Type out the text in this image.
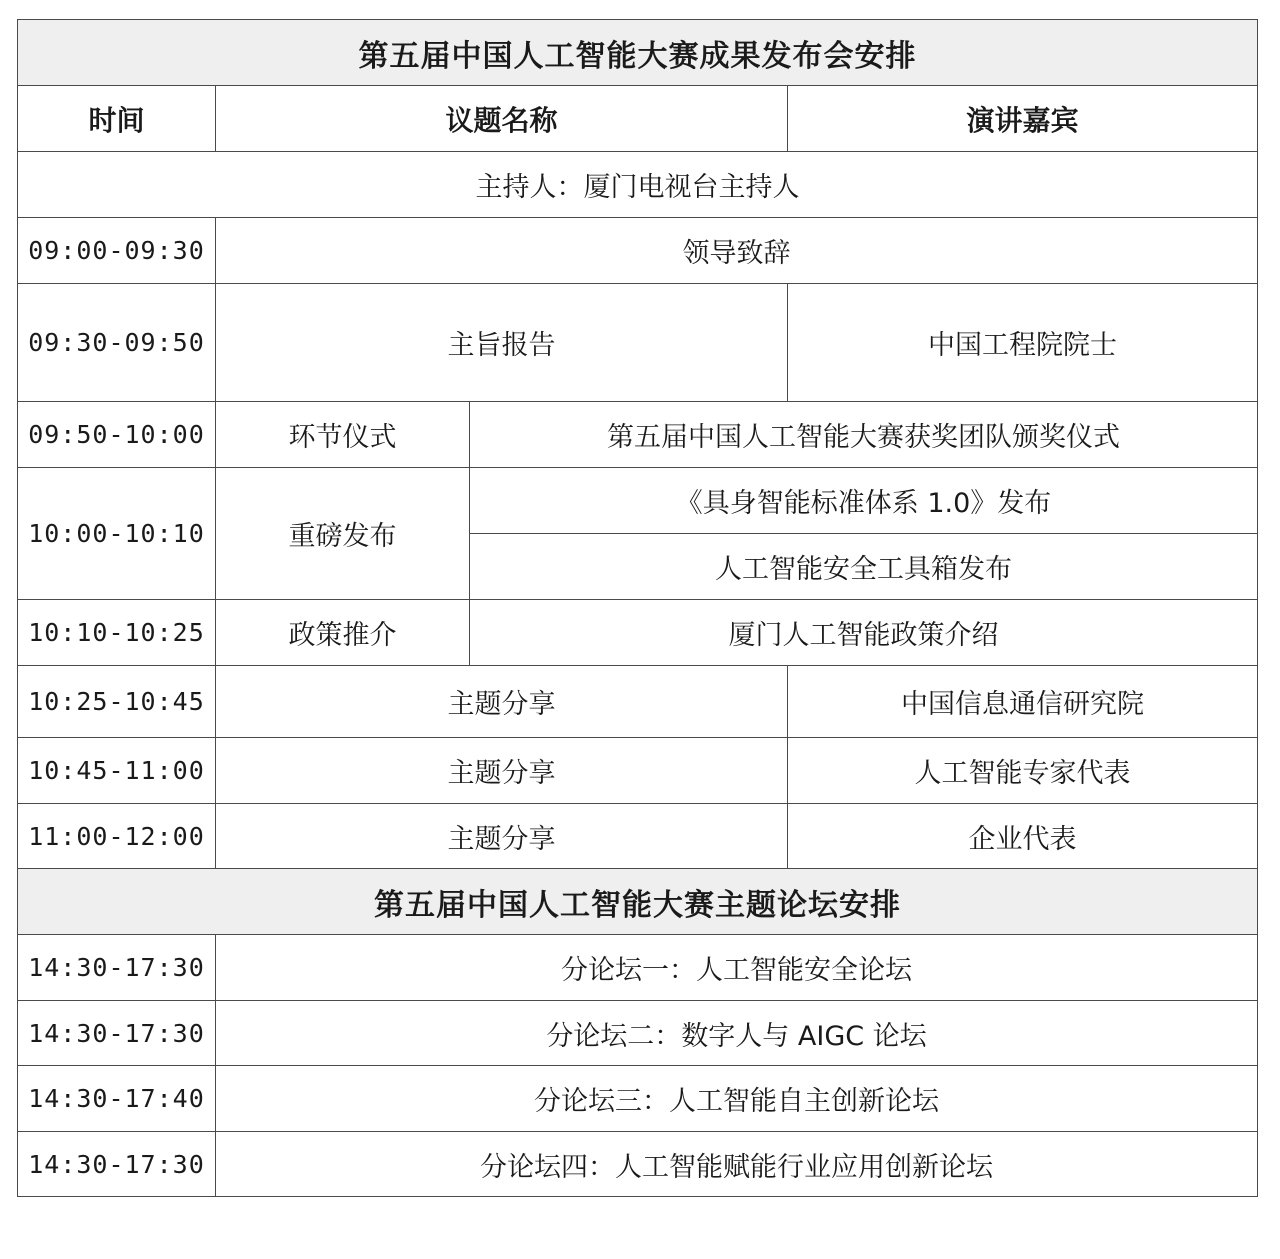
第五届中国人工智能大赛成果发布会安排			
时间	议题名称		演讲嘉宾
主持人：厦门电视台主持人			
09:00-09:30	领导致辞		
09:30-09:50	主旨报告		中国工程院院士
09:50-10:00	环节仪式	第五届中国人工智能大赛获奖团队颁奖仪式	
10:00-10:10	重磅发布	《具身智能标准体系 1.0》发布	
		人工智能安全工具箱发布	
10:10-10:25	政策推介	厦门人工智能政策介绍	
10:25-10:45	主题分享		中国信息通信研究院
10:45-11:00	主题分享		人工智能专家代表
11:00-12:00	主题分享		企业代表
第五届中国人工智能大赛主题论坛安排			
14:30-17:30	分论坛一：人工智能安全论坛		
14:30-17:30	分论坛二：数字人与 AIGC 论坛		
14:30-17:40	分论坛三：人工智能自主创新论坛		
14:30-17:30	分论坛四：人工智能赋能行业应用创新论坛		
